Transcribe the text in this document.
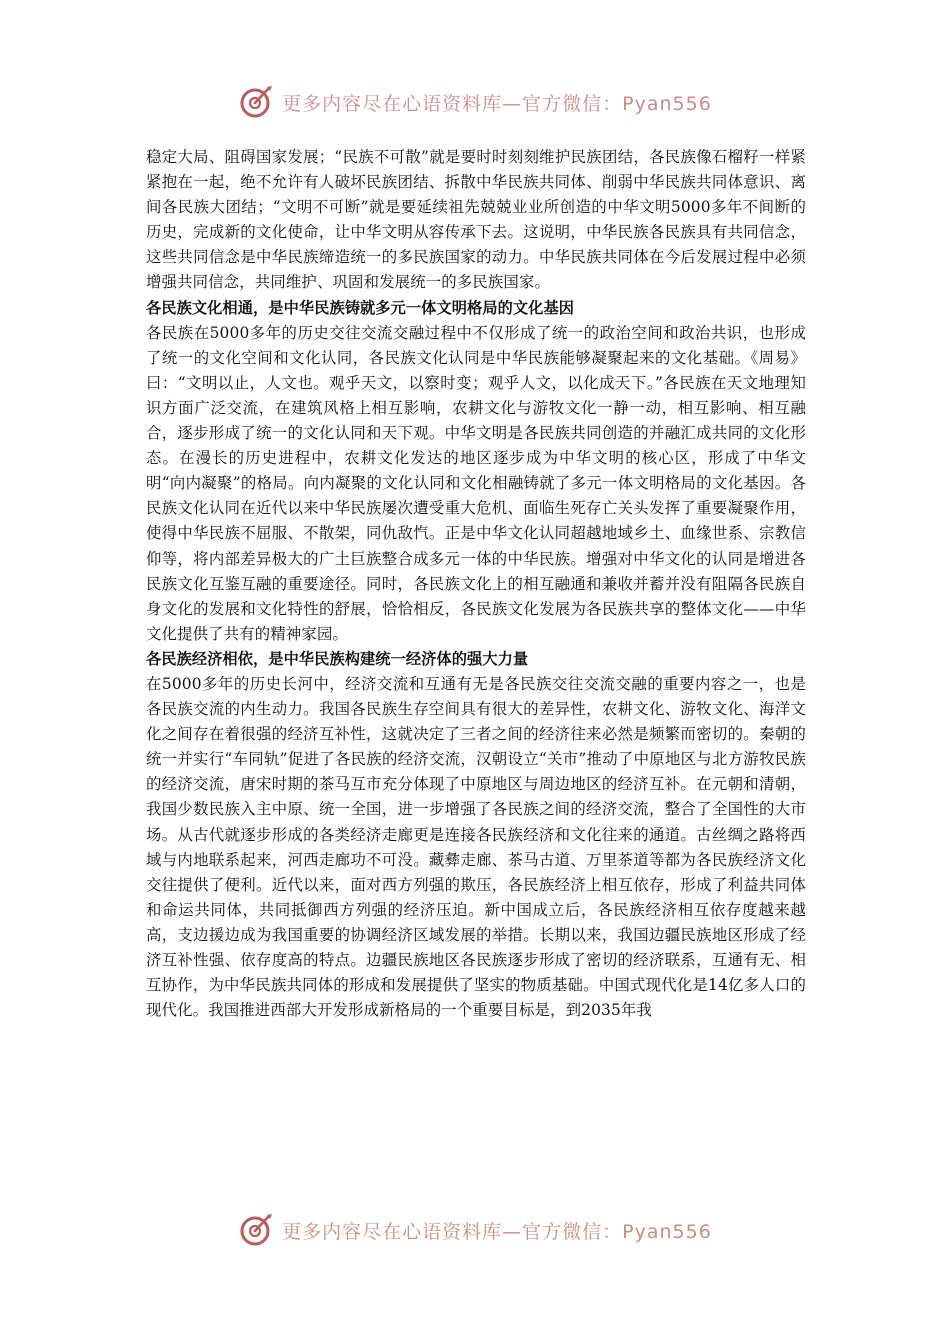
更多内容尽在心语资料库—官方微信：Pyan556

稳定大局、阻碍国家发展；“民族不可散”就是要时时刻刻维护民族团结，各民族像石榴籽一样紧紧抱在一起，绝不允许有人破坏民族团结、拆散中华民族共同体、削弱中华民族共同体意识、离间各民族大团结；“文明不可断”就是要延续祖先兢兢业业所创造的中华文明5000多年不间断的历史，完成新的文化使命，让中华文明从容传承下去。这说明，中华民族各民族具有共同信念，这些共同信念是中华民族缔造统一的多民族国家的动力。中华民族共同体在今后发展过程中必须增强共同信念，共同维护、巩固和发展统一的多民族国家。

各民族文化相通，是中华民族铸就多元一体文明格局的文化基因

各民族在5000多年的历史交往交流交融过程中不仅形成了统一的政治空间和政治共识，也形成了统一的文化空间和文化认同，各民族文化认同是中华民族能够凝聚起来的文化基础。《周易》曰：“文明以止，人文也。观乎天文，以察时变；观乎人文，以化成天下。”各民族在天文地理知识方面广泛交流，在建筑风格上相互影响，农耕文化与游牧文化一静一动，相互影响、相互融合，逐步形成了统一的文化认同和天下观。中华文明是各民族共同创造的并融汇成共同的文化形态。在漫长的历史进程中，农耕文化发达的地区逐步成为中华文明的核心区，形成了中华文明“向内凝聚”的格局。向内凝聚的文化认同和文化相融铸就了多元一体文明格局的文化基因。各民族文化认同在近代以来中华民族屡次遭受重大危机、面临生死存亡关头发挥了重要凝聚作用，使得中华民族不屈服、不散架，同仇敌忾。正是中华文化认同超越地域乡土、血缘世系、宗教信仰等，将内部差异极大的广土巨族整合成多元一体的中华民族。增强对中华文化的认同是增进各民族文化互鉴互融的重要途径。同时，各民族文化上的相互融通和兼收并蓄并没有阻隔各民族自身文化的发展和文化特性的舒展，恰恰相反，各民族文化发展为各民族共享的整体文化——中华文化提供了共有的精神家园。

各民族经济相依，是中华民族构建统一经济体的强大力量

在5000多年的历史长河中，经济交流和互通有无是各民族交往交流交融的重要内容之一，也是各民族交流的内生动力。我国各民族生存空间具有很大的差异性，农耕文化、游牧文化、海洋文化之间存在着很强的经济互补性，这就决定了三者之间的经济往来必然是频繁而密切的。秦朝的统一并实行“车同轨”促进了各民族的经济交流，汉朝设立“关市”推动了中原地区与北方游牧民族的经济交流，唐宋时期的茶马互市充分体现了中原地区与周边地区的经济互补。在元朝和清朝，我国少数民族入主中原、统一全国，进一步增强了各民族之间的经济交流，整合了全国性的大市场。从古代就逐步形成的各类经济走廊更是连接各民族经济和文化往来的通道。古丝绸之路将西域与内地联系起来，河西走廊功不可没。藏彝走廊、茶马古道、万里茶道等都为各民族经济文化交往提供了便利。近代以来，面对西方列强的欺压，各民族经济上相互依存，形成了利益共同体和命运共同体，共同抵御西方列强的经济压迫。新中国成立后，各民族经济相互依存度越来越高，支边援边成为我国重要的协调经济区域发展的举措。长期以来，我国边疆民族地区形成了经济互补性强、依存度高的特点。边疆民族地区各民族逐步形成了密切的经济联系，互通有无、相互协作，为中华民族共同体的形成和发展提供了坚实的物质基础。中国式现代化是14亿多人口的现代化。我国推进西部大开发形成新格局的一个重要目标是，到2035年我

更多内容尽在心语资料库—官方微信：Pyan556
